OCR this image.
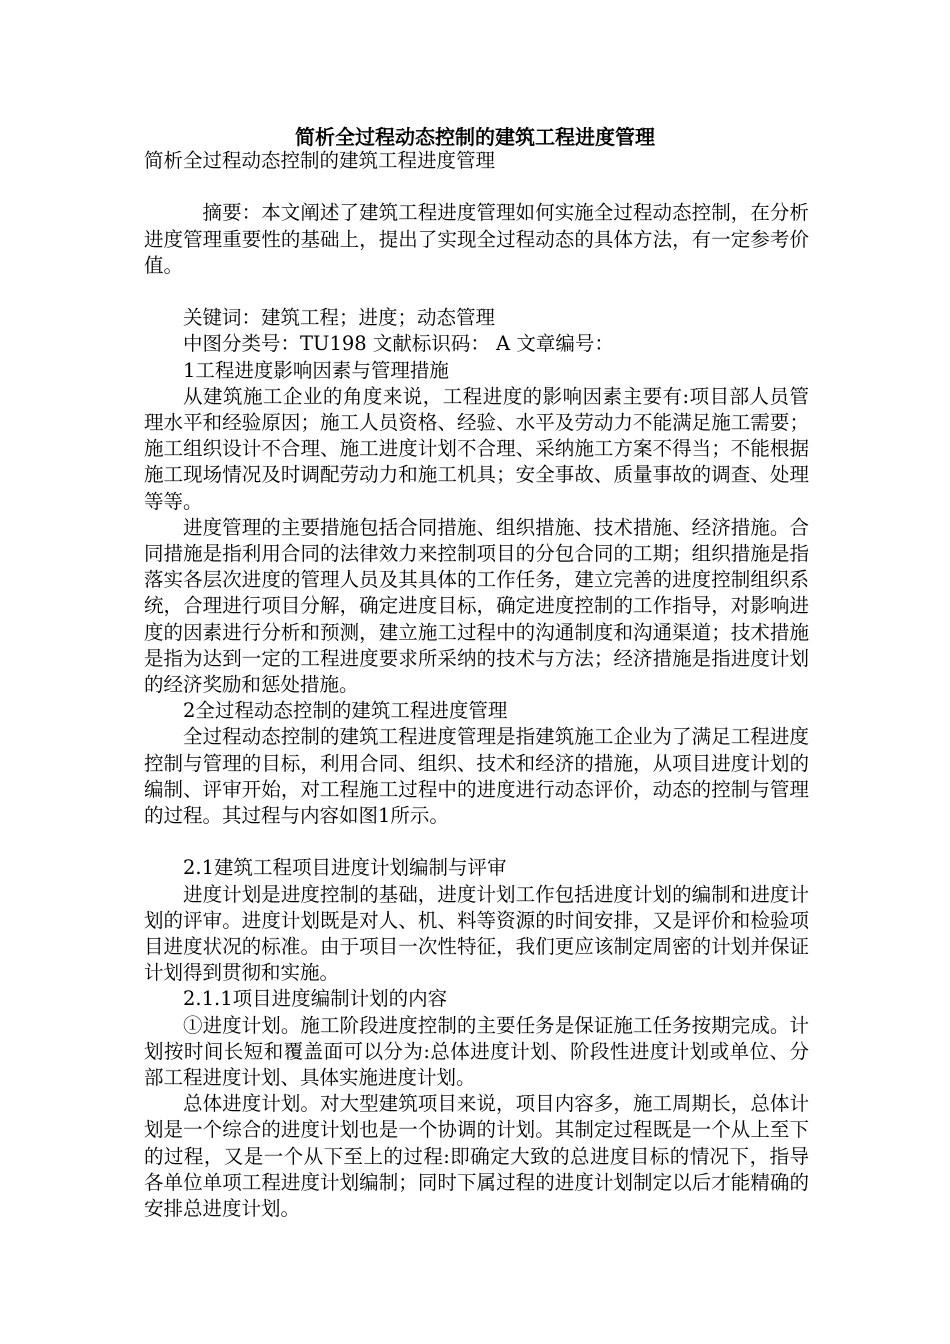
简析全过程动态控制的建筑工程进度管理

简析全过程动态控制的建筑工程进度管理

摘要：本文阐述了建筑工程进度管理如何实施全过程动态控制，在分析进度管理重要性的基础上，提出了实现全过程动态的具体方法，有一定参考价值。

关键词：建筑工程；进度；动态管理

中图分类号：TU198 文献标识码： A 文章编号：

1工程进度影响因素与管理措施

从建筑施工企业的角度来说，工程进度的影响因素主要有:项目部人员管理水平和经验原因；施工人员资格、经验、水平及劳动力不能满足施工需要；施工组织设计不合理、施工进度计划不合理、采纳施工方案不得当；不能根据施工现场情况及时调配劳动力和施工机具；安全事故、质量事故的调查、处理等等。

进度管理的主要措施包括合同措施、组织措施、技术措施、经济措施。合同措施是指利用合同的法律效力来控制项目的分包合同的工期；组织措施是指落实各层次进度的管理人员及其具体的工作任务，建立完善的进度控制组织系统，合理进行项目分解，确定进度目标，确定进度控制的工作指导，对影响进度的因素进行分析和预测，建立施工过程中的沟通制度和沟通渠道；技术措施是指为达到一定的工程进度要求所采纳的技术与方法；经济措施是指进度计划的经济奖励和惩处措施。

2全过程动态控制的建筑工程进度管理

全过程动态控制的建筑工程进度管理是指建筑施工企业为了满足工程进度控制与管理的目标，利用合同、组织、技术和经济的措施，从项目进度计划的编制、评审开始，对工程施工过程中的进度进行动态评价，动态的控制与管理的过程。其过程与内容如图1所示。

2.1建筑工程项目进度计划编制与评审

进度计划是进度控制的基础，进度计划工作包括进度计划的编制和进度计划的评审。进度计划既是对人、机、料等资源的时间安排，又是评价和检验项目进度状况的标准。由于项目一次性特征，我们更应该制定周密的计划并保证计划得到贯彻和实施。

2.1.1项目进度编制计划的内容

①进度计划。施工阶段进度控制的主要任务是保证施工任务按期完成。计划按时间长短和覆盖面可以分为:总体进度计划、阶段性进度计划或单位、分部工程进度计划、具体实施进度计划。

总体进度计划。对大型建筑项目来说，项目内容多，施工周期长，总体计划是一个综合的进度计划也是一个协调的计划。其制定过程既是一个从上至下的过程，又是一个从下至上的过程:即确定大致的总进度目标的情况下，指导各单位单项工程进度计划编制；同时下属过程的进度计划制定以后才能精确的安排总进度计划。
